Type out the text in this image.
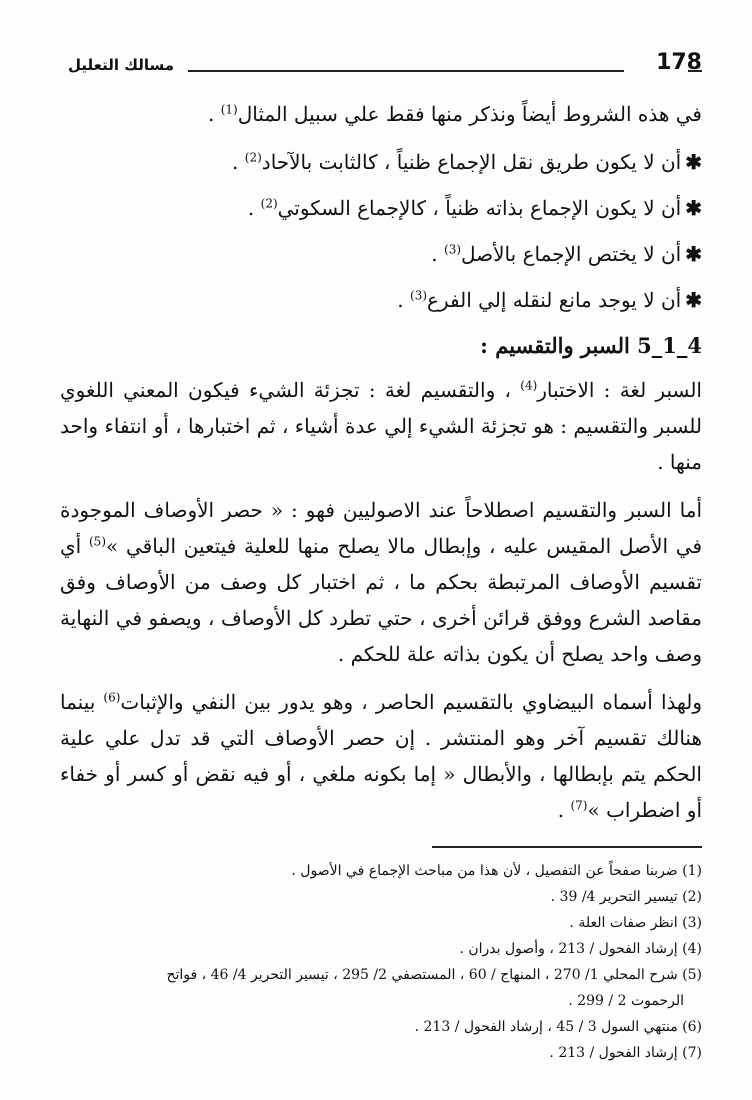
178
مسالك التعليل

في هذه الشروط أيضاً ونذكر منها فقط علي سبيل المثال$^{(1)}$ .

✱أن لا يكون طريق نقل الإجماع ظنياً ، كالثابت بالآحاد$^{(2)}$ .

✱أن لا يكون الإجماع بذاته ظنياً ، كالإجماع السكوتي$^{(2)}$ .

✱أن لا يختص الإجماع بالأصل$^{(3)}$ .

✱أن لا يوجد مانع لنقله إلي الفرع$^{(3)}$ .

4_1_5 السبر والتقسيم :

السبر لغة : الاختبار$^{(4)}$ ، والتقسيم لغة : تجزئة الشيء فيكون المعني اللغوي للسبر والتقسيم : هو تجزئة الشيء إلي عدة أشياء ، ثم اختبارها ، أو انتفاء واحد منها .

أما السبر والتقسيم اصطلاحاً عند الاصوليين فهو : « حصر الأوصاف الموجودة في الأصل المقيس عليه ، وإبطال مالا يصلح منها للعلية فيتعين الباقي »$^{(5)}$ أي تقسيم الأوصاف المرتبطة بحكم ما ، ثم اختبار كل وصف من الأوصاف وفق مقاصد الشرع ووفق قرائن أخرى ، حتي تطرد كل الأوصاف ، ويصفو في النهاية وصف واحد يصلح أن يكون بذاته علة للحكم .

ولهذا أسماه البيضاوي بالتقسيم الحاصر ، وهو يدور بين النفي والإثبات$^{(6)}$ بينما هنالك تقسيم آخر وهو المنتشر . إن حصر الأوصاف التي قد تدل علي علية الحكم يتم بإبطالها ، والأبطال « إما بكونه ملغي ، أو فيه نقض أو كسر أو خفاء أو اضطراب »$^{(7)}$ .

(1) ضربنا صفحاً عن التفصيل ، لأن هذا من مباحث الإجماع في الأصول .
(2) تيسير التحرير 4/ 39 .
(3) انظر صفات العلة .
(4) إرشاد الفحول / 213 ، وأصول بدران .
(5) شرح المحلي 1/ 270 ، المنهاج / 60 ، المستصفي 2/ 295 ، تيسير التحرير 4/ 46 ، فواتح
الرحموت 2 / 299 .
(6) منتهي السول 3 / 45 ، إرشاد الفحول / 213 .
(7) إرشاد الفحول / 213 .
